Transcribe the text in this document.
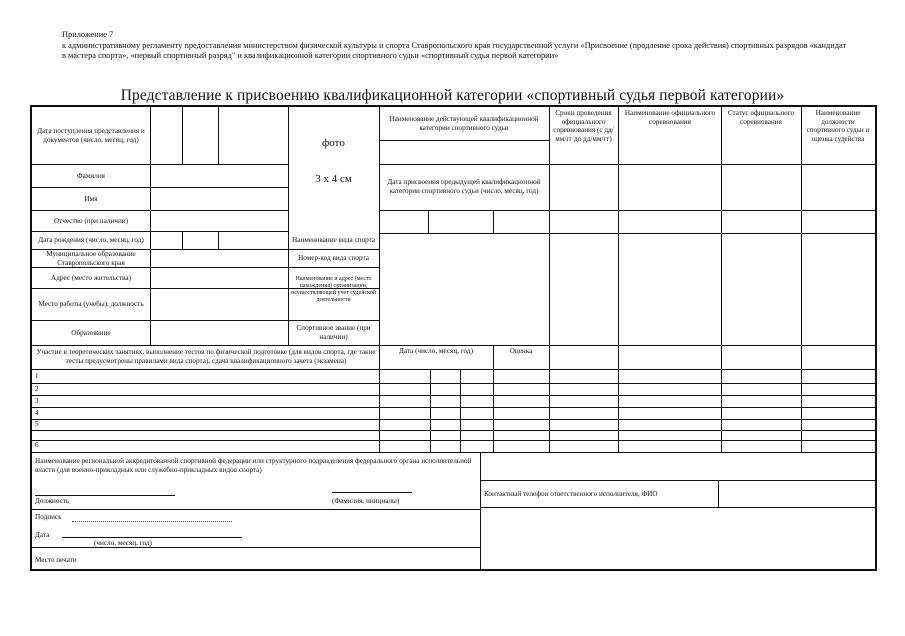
Приложение 7
к административному регламенту предоставления министерством физической культуры и спорта Ставропольского края государственной услуги «Присвоение (продление срока действия) спортивных разрядов «кандидат в мастера спорта», «первый спортивный разряд" и квалификационной категории спортивного судьи «спортивный судья первой категории»
Представление к присвоению квалификационной категории «спортивный судья первой категории»
Дата поступления представления и документов (число, месяц, год)
Фамилия
Имя
Отчество (при наличии)
Дата рождения (число, месяц, год)
Муниципальное образование Ставропольского края
Адрес (место жительства)
Место работы (учебы), должность
Образование
фото
3 х 4 см
Наименование вида спорта
Номер-код вида спорта
Наименование и адрес (место нахождения) организации, осуществляющей учет судейской деятельности
Спортивное звание (при наличии)
Наименование действующей квалификационной категории спортивного судьи
Дата присвоения предыдущей квалификационной категории спортивного судьи (число, месяц, год)
Сроки проведения официального соревнования (с дд/мм/гг до дд/мм/гг)
Наименование официального соревнования
Статус официального соревнования
Наименование должности спортивного судьи и оценка судейства
Участие в теоретических занятиях, выполнение тестов по физической подготовке (для видов спорта, где такие тесты предусмотрены правилами вида спорта), сдача квалификационного зачета (экзамена)
Дата (число, месяц, год)	Оценка
1
2
3
4
5
6
Наименование региональной аккредитованной спортивной федерации или структурного подразделения федерального органа исполнительной власти (для военно-прикладных или служебно-прикладных видов спорта)
Должность	(Фамилия, инициалы)
Подпись
Дата
(число, месяц, год)
Место печати
Контактный телефон ответственного исполнителя, ФИО
